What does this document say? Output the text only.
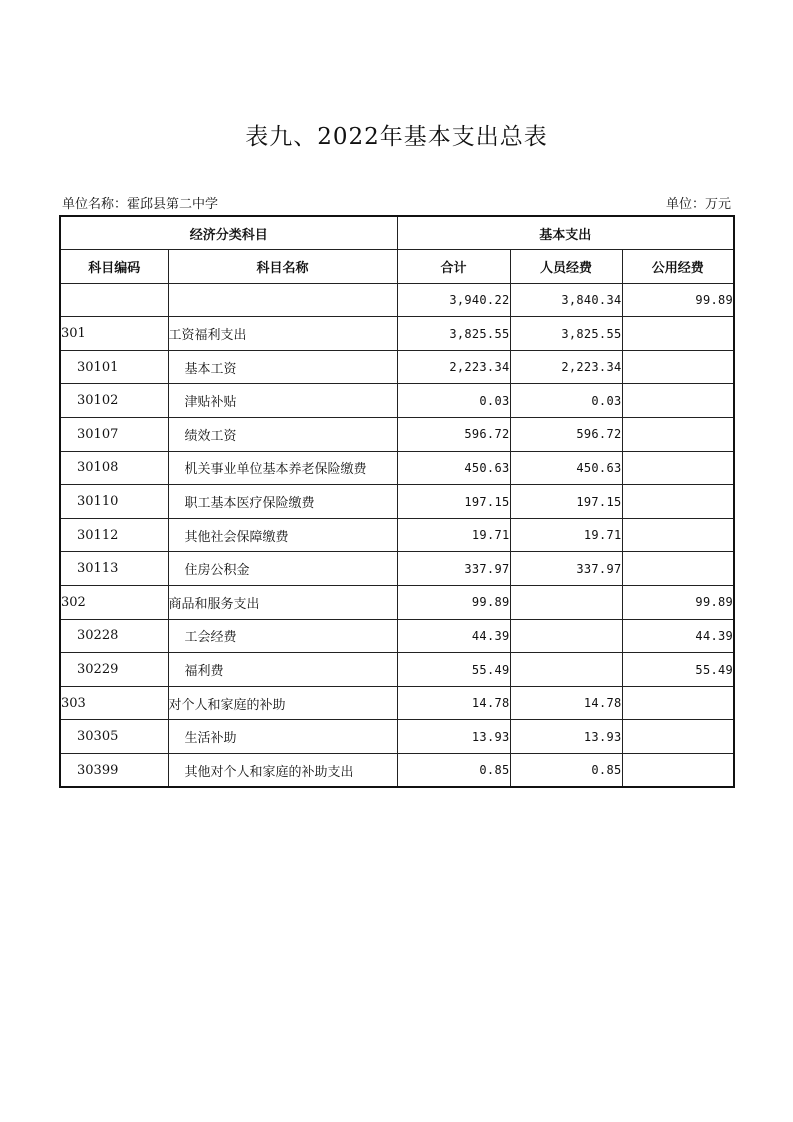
表九、2022年基本支出总表
单位名称：霍邱县第二中学	单位：万元
经济分类科目		基本支出		
科目编码	科目名称	合计	人员经费	公用经费
		3,940.22	3,840.34	99.89
301	工资福利支出	3,825.55	3,825.55	
30101	基本工资	2,223.34	2,223.34	
30102	津贴补贴	0.03	0.03	
30107	绩效工资	596.72	596.72	
30108	机关事业单位基本养老保险缴费	450.63	450.63	
30110	职工基本医疗保险缴费	197.15	197.15	
30112	其他社会保障缴费	19.71	19.71	
30113	住房公积金	337.97	337.97	
302	商品和服务支出	99.89		99.89
30228	工会经费	44.39		44.39
30229	福利费	55.49		55.49
303	对个人和家庭的补助	14.78	14.78	
30305	生活补助	13.93	13.93	
30399	其他对个人和家庭的补助支出	0.85	0.85	
